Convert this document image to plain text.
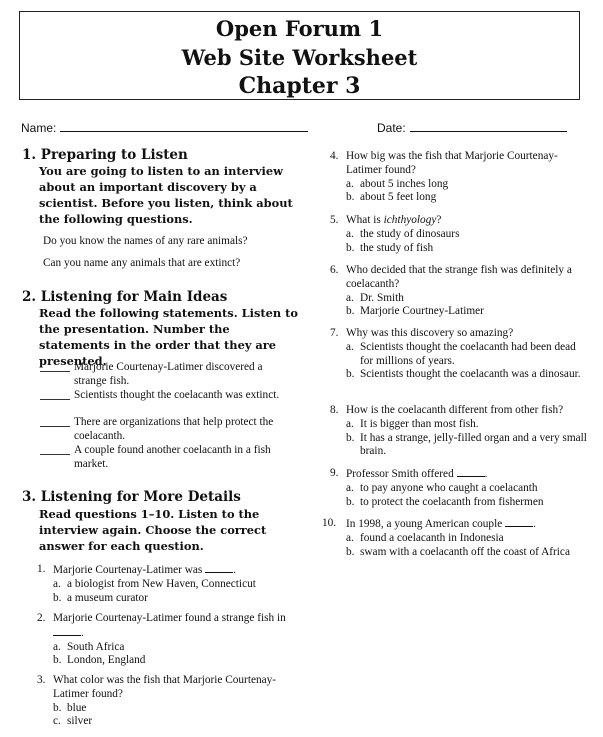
Open Forum 1
Web Site Worksheet
Chapter 3
Name:	Date:
1. Preparing to Listen
You are going to listen to an interview about an important discovery by a scientist. Before you listen, think about the following questions.
Do you know the names of any rare animals?
Can you name any animals that are extinct?
2. Listening for Main Ideas
Read the following statements. Listen to the presentation. Number the statements in the order that they are presented.
Marjorie Courtenay-Latimer discovered a strange fish.
Scientists thought the coelacanth was extinct.
There are organizations that help protect the coelacanth.
A couple found another coelacanth in a fish market.
3. Listening for More Details
Read questions 1–10. Listen to the interview again. Choose the correct answer for each question.
1. Marjorie Courtenay-Latimer was	.
a. a biologist from New Haven, Connecticut
b. a museum curator
2. Marjorie Courtenay-Latimer found a strange fish in .
a. South Africa
b. London, England
3. What color was the fish that Marjorie Courtenay-Latimer found?
b. blue
c. silver
4. How big was the fish that Marjorie Courtenay-Latimer found?
a. about 5 inches long
b. about 5 feet long
5. What is ichthyology?
a. the study of dinosaurs
b. the study of fish
6. Who decided that the strange fish was definitely a coelacanth?
a. Dr. Smith
b. Marjorie Courtney-Latimer
7. Why was this discovery so amazing?
a. Scientists thought the coelacanth had been dead for millions of years.
b. Scientists thought the coelacanth was a dinosaur.
8. How is the coelacanth different from other fish?
a. It is bigger than most fish.
b. It has a strange, jelly-filled organ and a very small brain.
9. Professor Smith offered	.
a. to pay anyone who caught a coelacanth
b. to protect the coelacanth from fishermen
10. In 1998, a young American couple	.
a. found a coelacanth in Indonesia
b. swam with a coelacanth off the coast of Africa
